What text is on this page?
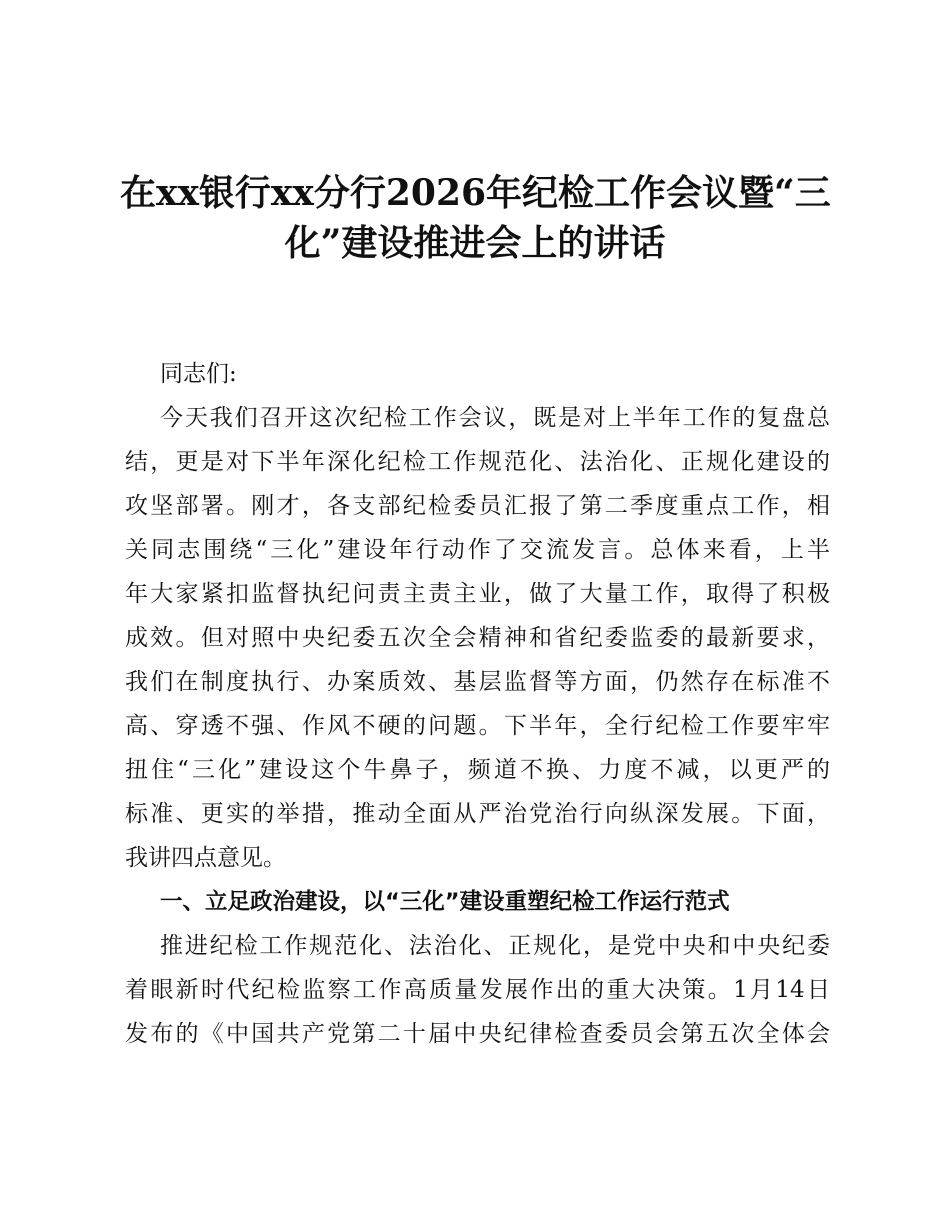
在xx银行xx分行2026年纪检工作会议暨“三
化”建设推进会上的讲话
同志们:
今天我们召开这次纪检工作会议，既是对上半年工作的复盘总
结，更是对下半年深化纪检工作规范化、法治化、正规化建设的
攻坚部署。刚才，各支部纪检委员汇报了第二季度重点工作，相
关同志围绕“三化”建设年行动作了交流发言。总体来看，上半
年大家紧扣监督执纪问责主责主业，做了大量工作，取得了积极
成效。但对照中央纪委五次全会精神和省纪委监委的最新要求，
我们在制度执行、办案质效、基层监督等方面，仍然存在标准不
高、穿透不强、作风不硬的问题。下半年，全行纪检工作要牢牢
扭住“三化”建设这个牛鼻子，频道不换、力度不减，以更严的
标准、更实的举措，推动全面从严治党治行向纵深发展。下面，
我讲四点意见。
一、立足政治建设，以“三化”建设重塑纪检工作运行范式
推进纪检工作规范化、法治化、正规化，是党中央和中央纪委
着眼新时代纪检监察工作高质量发展作出的重大决策。1月14日
发布的《中国共产党第二十届中央纪律检查委员会第五次全体会
